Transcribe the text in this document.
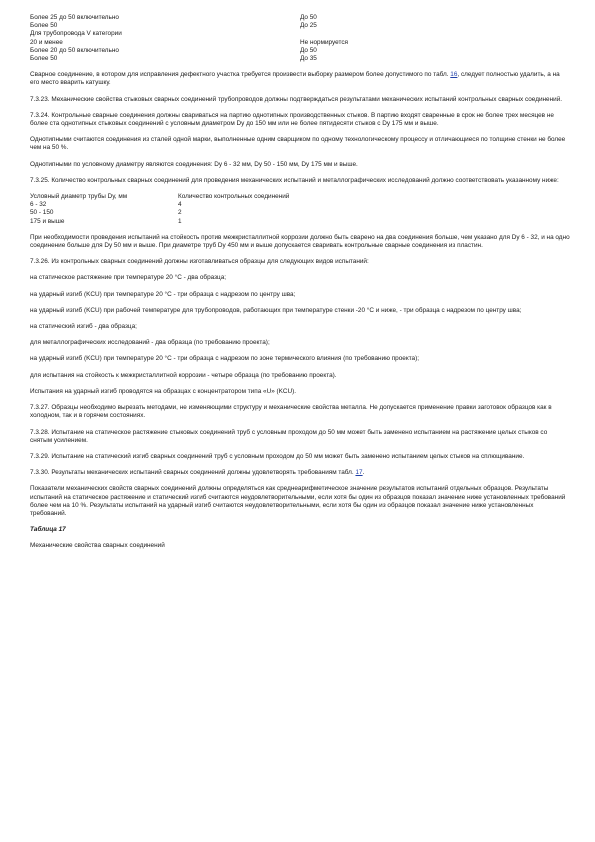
Более 25 до 50 включительно	До 50
Более 50	До 25
Для трубопровода V категории
20 и менее	Не нормируется
Более 20 до 50 включительно	До 50
Более 50	До 35

Сварное соединение, в котором для исправления дефектного участка требуется произвести выборку размером более допустимого по табл. 16, следует полностью удалить, а на его место вварить катушку.

7.3.23. Механические свойства стыковых сварных соединений трубопроводов должны подтверждаться результатами механических испытаний контрольных сварных соединений.

7.3.24. Контрольные сварные соединения должны свариваться на партию однотипных производственных стыков. В партию входят сваренные в срок не более трех месяцев не более ста однотипных стыковых соединений с условным диаметром Dу до 150 мм или не более пятидесяти стыков с Dу 175 мм и выше.

Однотипными считаются соединения из сталей одной марки, выполненные одним сварщиком по одному технологическому процессу и отличающиеся по толщине стенки не более чем на 50 %.

Однотипными по условному диаметру являются соединения: Dу 6 - 32 мм, Dу 50 - 150 мм, Dу 175 мм и выше.

7.3.25. Количество контрольных сварных соединений для проведения механических испытаний и металлографических исследований должно соответствовать указанному ниже:

Условный диаметр трубы Dу, мм	Количество контрольных соединений
6 - 32	4
50 - 150	2
175 и выше	1

При необходимости проведения испытаний на стойкость против межкристаллитной коррозии должно быть сварено на два соединения больше, чем указано для Dу 6 - 32, и на одно соединение больше для Dу 50 мм и выше. При диаметре труб Dу 450 мм и выше допускается сваривать контрольные сварные соединения из пластин.

7.3.26. Из контрольных сварных соединений должны изготавливаться образцы для следующих видов испытаний:

на статическое растяжение при температуре 20 °С - два образца;

на ударный изгиб (KCU) при температуре 20 °С - три образца с надрезом по центру шва;

на ударный изгиб (KCU) при рабочей температуре для трубопроводов, работающих при температуре стенки -20 °С и ниже, - три образца с надрезом по центру шва;

на статический изгиб - два образца;

для металлографических исследований - два образца (по требованию проекта);

на ударный изгиб (KCU) при температуре 20 °С - три образца с надрезом по зоне термического влияния (по требованию проекта);

для испытания на стойкость к межкристаллитной коррозии - четыре образца (по требованию проекта).

Испытания на ударный изгиб проводятся на образцах с концентратором типа «U» (KCU).

7.3.27. Образцы необходимо вырезать методами, не изменяющими структуру и механические свойства металла. Не допускается применение правки заготовок образцов как в холодном, так и в горячем состояниях.

7.3.28. Испытание на статическое растяжение стыковых соединений труб с условным проходом до 50 мм может быть заменено испытанием на растяжение целых стыков со снятым усилением.

7.3.29. Испытание на статический изгиб сварных соединений труб с условным проходом до 50 мм может быть заменено испытанием целых стыков на сплющивание.

7.3.30. Результаты механических испытаний сварных соединений должны удовлетворять требованиям табл. 17.

Показатели механических свойств сварных соединений должны определяться как среднеарифметическое значение результатов испытаний отдельных образцов. Результаты испытаний на статическое растяжение и статический изгиб считаются неудовлетворительными, если хотя бы один из образцов показал значение ниже установленных требований более чем на 10 %. Результаты испытаний на ударный изгиб считаются неудовлетворительными, если хотя бы один из образцов показал значение ниже установленных требований.

Таблица 17

Механические свойства сварных соединений
